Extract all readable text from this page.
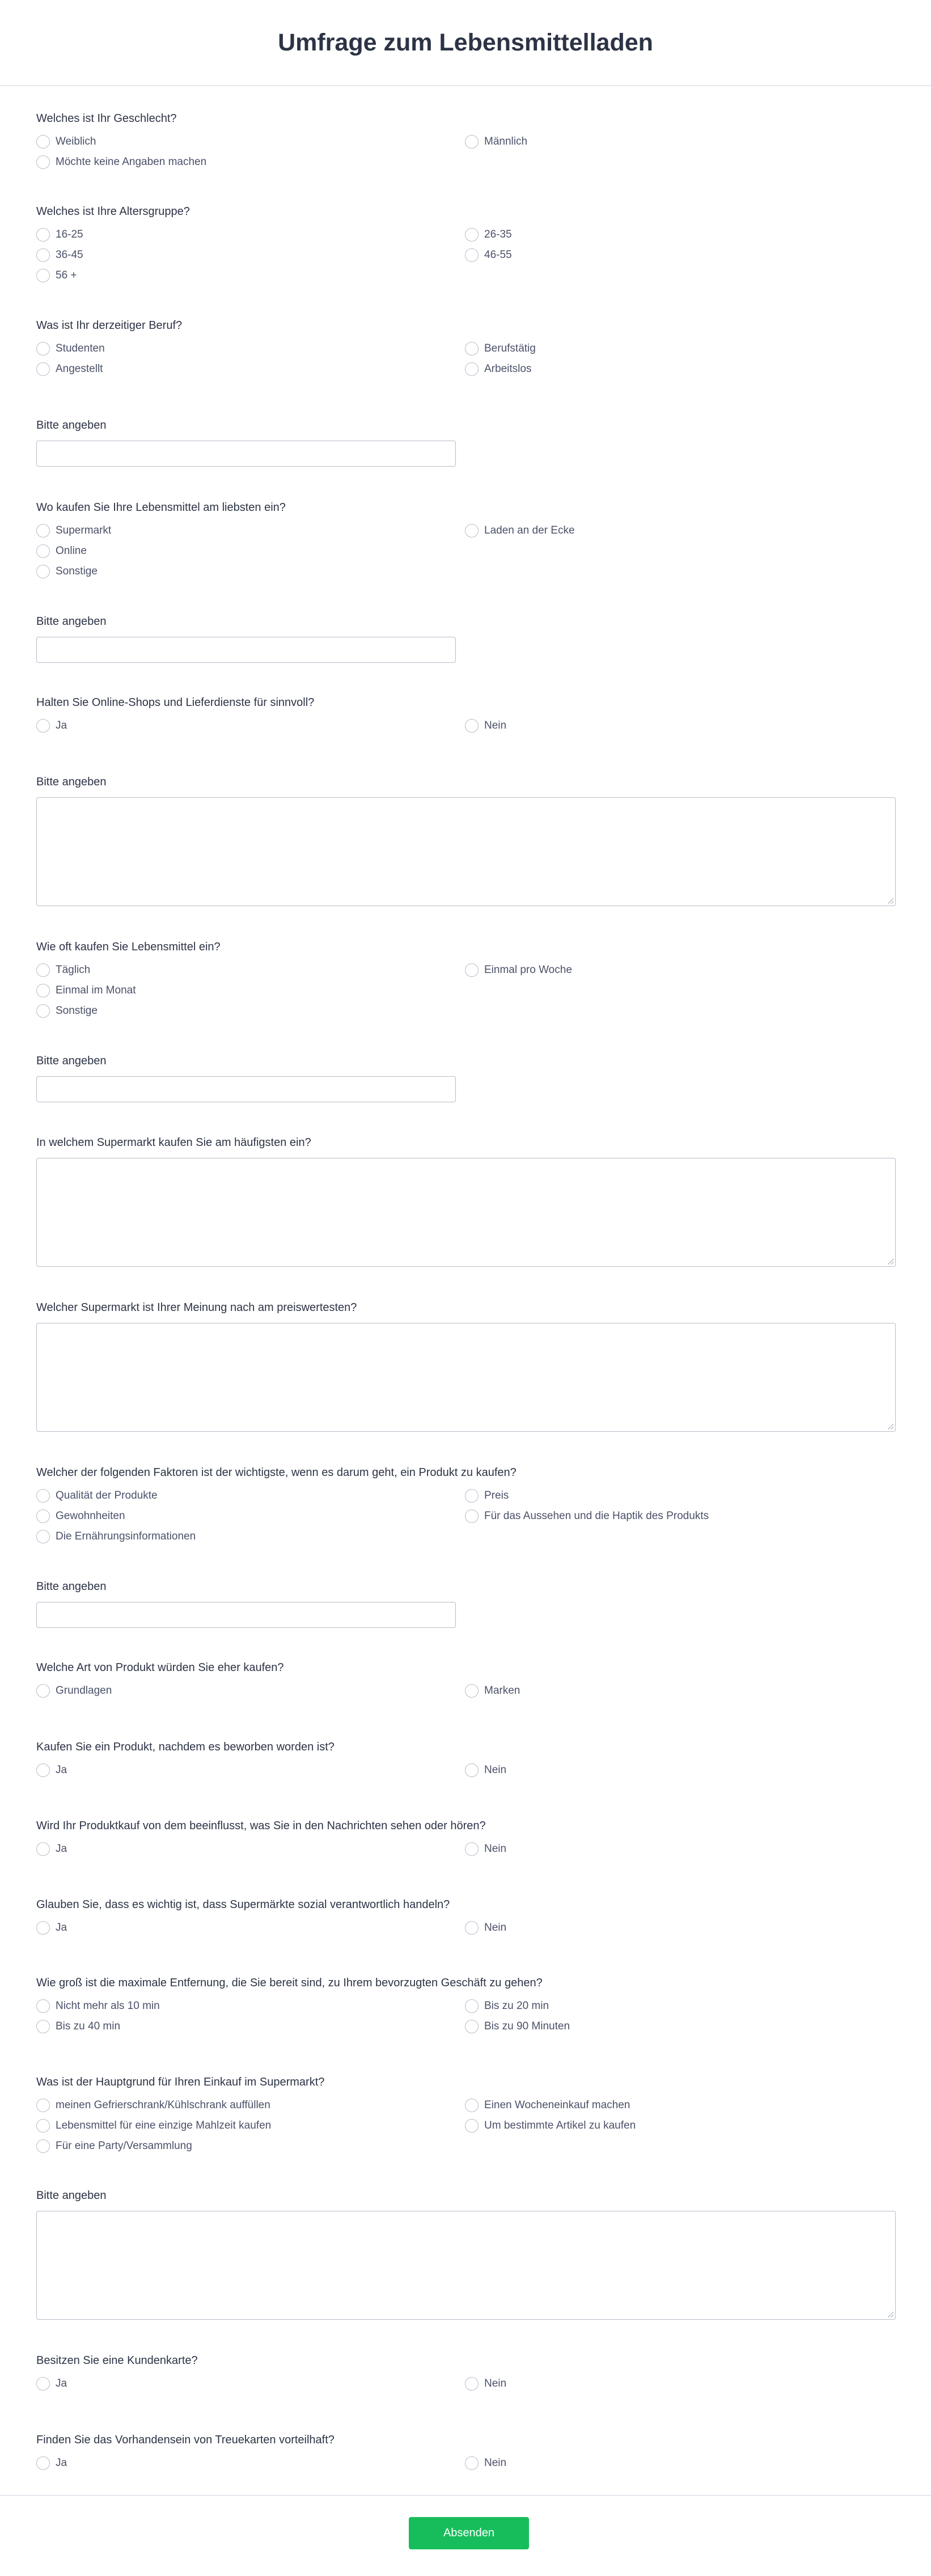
Umfrage zum Lebensmittelladen

Welches ist Ihr Geschlecht?

Weiblich	Männlich
Möchte keine Angaben machen

Welches ist Ihre Altersgruppe?

16-25	26-35
36-45	46-55
56 +

Was ist Ihr derzeitiger Beruf?

Studenten	Berufstätig
Angestellt	Arbeitslos

Bitte angeben

Wo kaufen Sie Ihre Lebensmittel am liebsten ein?

Supermarkt	Laden an der Ecke
Online
Sonstige

Bitte angeben

Halten Sie Online-Shops und Lieferdienste für sinnvoll?

Ja	Nein

Bitte angeben

Wie oft kaufen Sie Lebensmittel ein?

Täglich	Einmal pro Woche
Einmal im Monat
Sonstige

Bitte angeben

In welchem Supermarkt kaufen Sie am häufigsten ein?

Welcher Supermarkt ist Ihrer Meinung nach am preiswertesten?

Welcher der folgenden Faktoren ist der wichtigste, wenn es darum geht, ein Produkt zu kaufen?

Qualität der Produkte	Preis
Gewohnheiten	Für das Aussehen und die Haptik des Produkts
Die Ernährungsinformationen

Bitte angeben

Welche Art von Produkt würden Sie eher kaufen?

Grundlagen	Marken

Kaufen Sie ein Produkt, nachdem es beworben worden ist?

Ja	Nein

Wird Ihr Produktkauf von dem beeinflusst, was Sie in den Nachrichten sehen oder hören?

Ja	Nein

Glauben Sie, dass es wichtig ist, dass Supermärkte sozial verantwortlich handeln?

Ja	Nein

Wie groß ist die maximale Entfernung, die Sie bereit sind, zu Ihrem bevorzugten Geschäft zu gehen?

Nicht mehr als 10 min	Bis zu 20 min
Bis zu 40 min	Bis zu 90 Minuten

Was ist der Hauptgrund für Ihren Einkauf im Supermarkt?

meinen Gefrierschrank/Kühlschrank auffüllen	Einen Wocheneinkauf machen
Lebensmittel für eine einzige Mahlzeit kaufen	Um bestimmte Artikel zu kaufen
Für eine Party/Versammlung

Bitte angeben

Besitzen Sie eine Kundenkarte?

Ja	Nein

Finden Sie das Vorhandensein von Treuekarten vorteilhaft?

Ja	Nein
Absenden
